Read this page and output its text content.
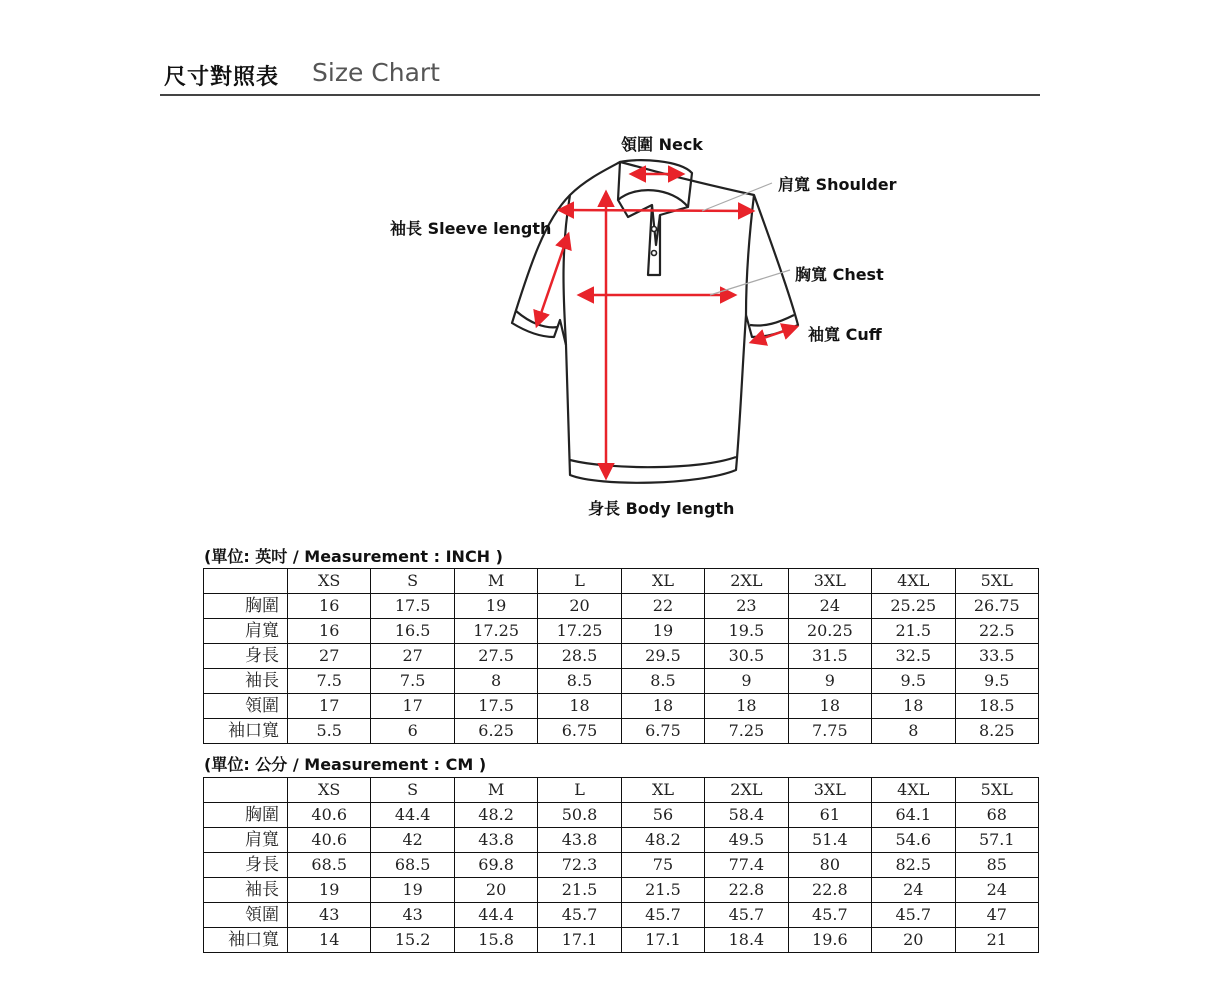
尺寸對照表 Size Chart
領圍 Neck
肩寬 Shoulder
袖長 Sleeve length
胸寬 Chest
袖寬 Cuff
身長 Body length
(單位: 英吋 / Measurement : INCH )
	XS	S	M	L	XL	2XL	3XL	4XL	5XL
胸圍	16	17.5	19	20	22	23	24	25.25	26.75
肩寬	16	16.5	17.25	17.25	19	19.5	20.25	21.5	22.5
身長	27	27	27.5	28.5	29.5	30.5	31.5	32.5	33.5
袖長	7.5	7.5	8	8.5	8.5	9	9	9.5	9.5
領圍	17	17	17.5	18	18	18	18	18	18.5
袖口寬	5.5	6	6.25	6.75	6.75	7.25	7.75	8	8.25
(單位: 公分 / Measurement : CM )
	XS	S	M	L	XL	2XL	3XL	4XL	5XL
胸圍	40.6	44.4	48.2	50.8	56	58.4	61	64.1	68
肩寬	40.6	42	43.8	43.8	48.2	49.5	51.4	54.6	57.1
身長	68.5	68.5	69.8	72.3	75	77.4	80	82.5	85
袖長	19	19	20	21.5	21.5	22.8	22.8	24	24
領圍	43	43	44.4	45.7	45.7	45.7	45.7	45.7	47
袖口寬	14	15.2	15.8	17.1	17.1	18.4	19.6	20	21
